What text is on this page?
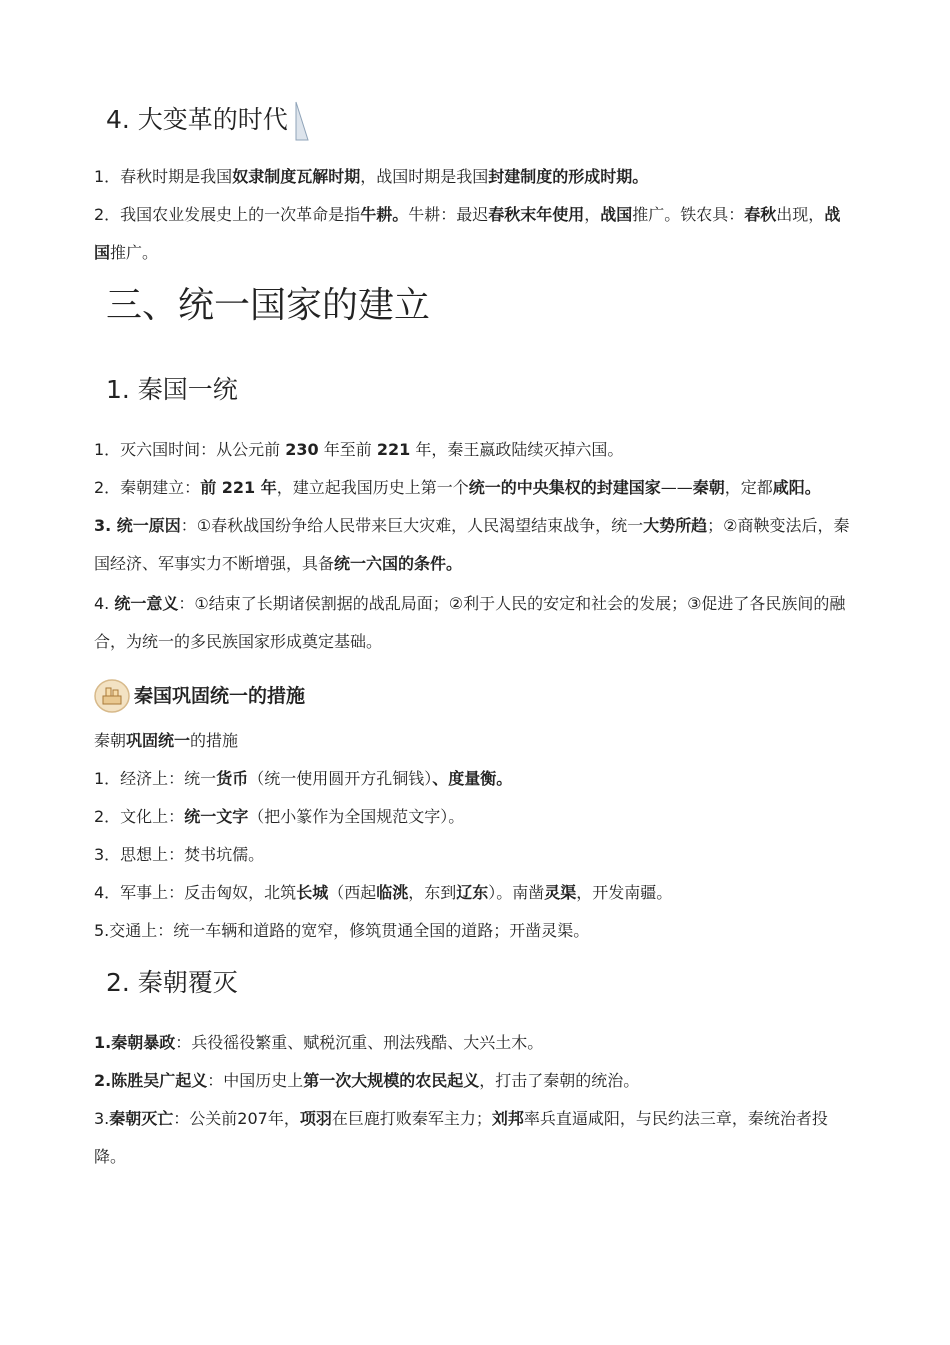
4. 大变革的时代

1．春秋时期是我国奴隶制度瓦解时期，战国时期是我国封建制度的形成时期。

2．我国农业发展史上的一次革命是指牛耕。牛耕：最迟春秋末年使用，战国推广。铁农具：春秋出现，战国推广。

三、统一国家的建立
1. 秦国一统

1．灭六国时间：从公元前 230 年至前 221 年，秦王嬴政陆续灭掉六国。

2．秦朝建立：前 221 年，建立起我国历史上第一个统一的中央集权的封建国家——秦朝，定都咸阳。

3. 统一原因：①春秋战国纷争给人民带来巨大灾难，人民渴望结束战争，统一大势所趋；②商鞅变法后，秦国经济、军事实力不断增强，具备统一六国的条件。

4. 统一意义：①结束了长期诸侯割据的战乱局面；②利于人民的安定和社会的发展；③促进了各民族间的融合，为统一的多民族国家形成奠定基础。

秦国巩固统一的措施

秦朝巩固统一的措施

1．经济上：统一货币（统一使用圆开方孔铜钱）、度量衡。

2．文化上：统一文字（把小篆作为全国规范文字）。

3．思想上：焚书坑儒。

4．军事上：反击匈奴，北筑长城（西起临洮，东到辽东）。南凿灵渠，开发南疆。

5.交通上：统一车辆和道路的宽窄，修筑贯通全国的道路；开凿灵渠。

2. 秦朝覆灭

1.秦朝暴政：兵役徭役繁重、赋税沉重、刑法残酷、大兴土木。

2.陈胜吴广起义：中国历史上第一次大规模的农民起义，打击了秦朝的统治。

3.秦朝灭亡：公关前207年，项羽在巨鹿打败秦军主力；刘邦率兵直逼咸阳，与民约法三章，秦统治者投降。
